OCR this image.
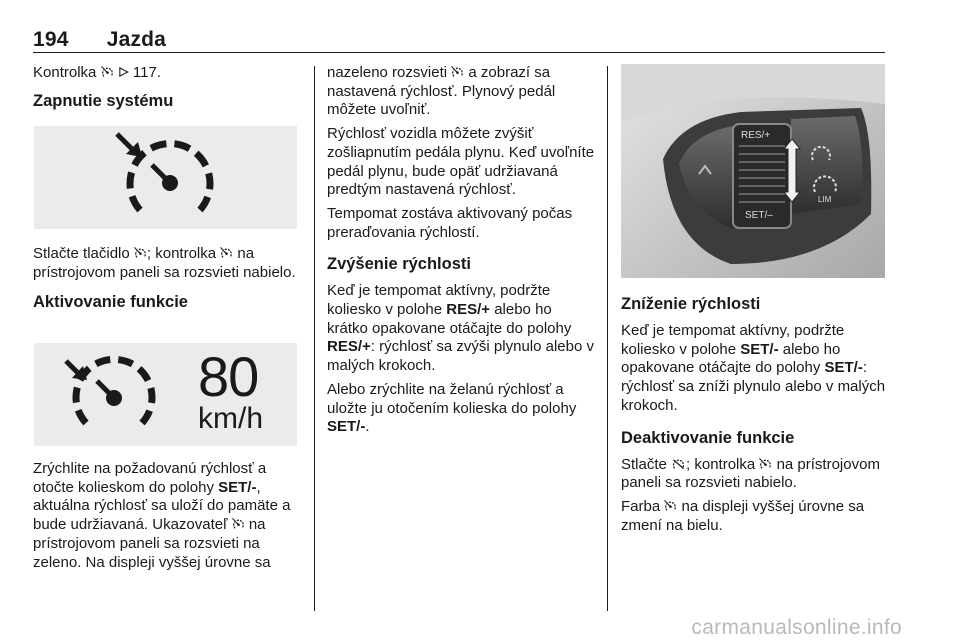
194 Jazda

Kontrolka   117.

Zapnutie systému

Stlačte tlačidlo ; kontrolka  na prístrojovom paneli sa rozsvieti nabielo.

Aktivovanie funkcie
80
km/h

Zrýchlite na požadovanú rýchlosť a otočte kolieskom do polohy SET/-, aktuálna rýchlosť sa uloží do pamäte a bude udržiavaná. Ukazovateľ  na prístrojovom paneli sa rozsvieti na zeleno. Na displeji vyššej úrovne sa

nazeleno rozsvieti  a zobrazí sa nastavená rýchlosť. Plynový pedál môžete uvoľniť.

Rýchlosť vozidla môžete zvýšiť zošliapnutím pedála plynu. Keď uvoľníte pedál plynu, bude opäť udržiavaná predtým nastavená rýchlosť.

Tempomat zostáva aktivovaný počas preraďovania rýchlostí.

Zvýšenie rýchlosti

Keď je tempomat aktívny, podržte koliesko v polohe RES/+ alebo ho krátko opakovane otáčajte do polohy RES/+: rýchlosť sa zvýši plynulo alebo v malých krokoch.

Alebo zrýchlite na želanú rýchlosť a uložte ju otočením kolieska do polohy SET/-.

RES/+
SET/–
LIM
Zníženie rýchlosti

Keď je tempomat aktívny, podržte koliesko v polohe SET/- alebo ho opakovane otáčajte do polohy SET/-: rýchlosť sa zníži plynulo alebo v malých krokoch.

Deaktivovanie funkcie

Stlačte ; kontrolka  na prístrojovom paneli sa rozsvieti nabielo.

Farba  na displeji vyššej úrovne sa zmení na bielu.

carmanualsonline.info
